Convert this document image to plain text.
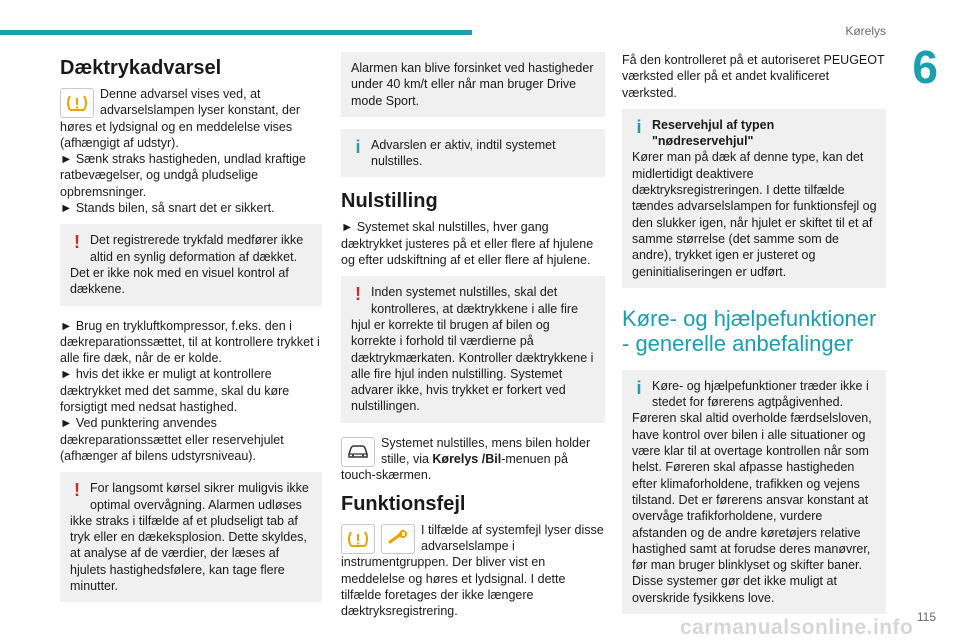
Kørelys
6
115
carmanualsonline.info
Dæktrykadvarsel

Denne advarsel vises ved, at advarselslampen lyser konstant, der høres et lydsignal og en meddelelse vises (afhængigt af udstyr).

► Sænk straks hastigheden, undlad kraftige ratbevægelser, og undgå pludselige opbremsninger.

► Stands bilen, så snart det er sikkert.

! Det registrerede trykfald medfører ikke altid en synlig deformation af dækket. Det er ikke nok med en visuel kontrol af dækkene.

► Brug en trykluftkompressor, f.eks. den i dækreparationssættet, til at kontrollere trykket i alle fire dæk, når de er kolde.

► hvis det ikke er muligt at kontrollere dæktrykket med det samme, skal du køre forsigtigt med nedsat hastighed.

► Ved punktering anvendes dækreparationssættet eller reservehjulet (afhænger af bilens udstyrsniveau).

! For langsomt kørsel sikrer muligvis ikke optimal overvågning. Alarmen udløses ikke straks i tilfælde af et pludseligt tab af tryk eller en dækeksplosion. Dette skyldes, at analyse af de værdier, der læses af hjulets hastighedsfølere, kan tage flere minutter.

Alarmen kan blive forsinket ved hastigheder under 40 km/t eller når man bruger Drive mode Sport.

i Advarslen er aktiv, indtil systemet nulstilles.

Nulstilling

► Systemet skal nulstilles, hver gang dæktrykket justeres på et eller flere af hjulene og efter udskiftning af et eller flere af hjulene.

! Inden systemet nulstilles, skal det kontrolleres, at dæktrykkene i alle fire hjul er korrekte til brugen af bilen og korrekte i forhold til værdierne på dæktrykmærkaten. Kontroller dæktrykkene i alle fire hjul inden nulstilling. Systemet advarer ikke, hvis trykket er forkert ved nulstillingen.

Systemet nulstilles, mens bilen holder stille, via Kørelys /Bil-menuen på touch-skærmen.

Funktionsfejl

I tilfælde af systemfejl lyser disse advarselslampe i instrumentgruppen. Der bliver vist en meddelelse og høres et lydsignal. I dette tilfælde foretages der ikke længere dæktryksregistrering.

Få den kontrolleret på et autoriseret PEUGEOT værksted eller på et andet kvalificeret værksted.

i Reservehjul af typen "nødreservehjul"

Kører man på dæk af denne type, kan det midlertidigt deaktivere dæktryksregistreringen. I dette tilfælde tændes advarselslampen for funktionsfejl og den slukker igen, når hjulet er skiftet til et af samme størrelse (det samme som de andre), trykket igen er justeret og geninitialiseringen er udført.

Køre- og hjælpefunktioner - generelle anbefalinger
i Køre- og hjælpefunktioner træder ikke i stedet for førerens agtpågivenhed. Føreren skal altid overholde færdselsloven, have kontrol over bilen i alle situationer og være klar til at overtage kontrollen når som helst. Føreren skal afpasse hastigheden efter klimaforholdene, trafikken og vejens tilstand. Det er førerens ansvar konstant at overvåge trafikforholdene, vurdere afstanden og de andre køretøjers relative hastighed samt at forudse deres manøvrer, før man bruger blinklyset og skifter baner. Disse systemer gør det ikke muligt at overskride fysikkens love.
